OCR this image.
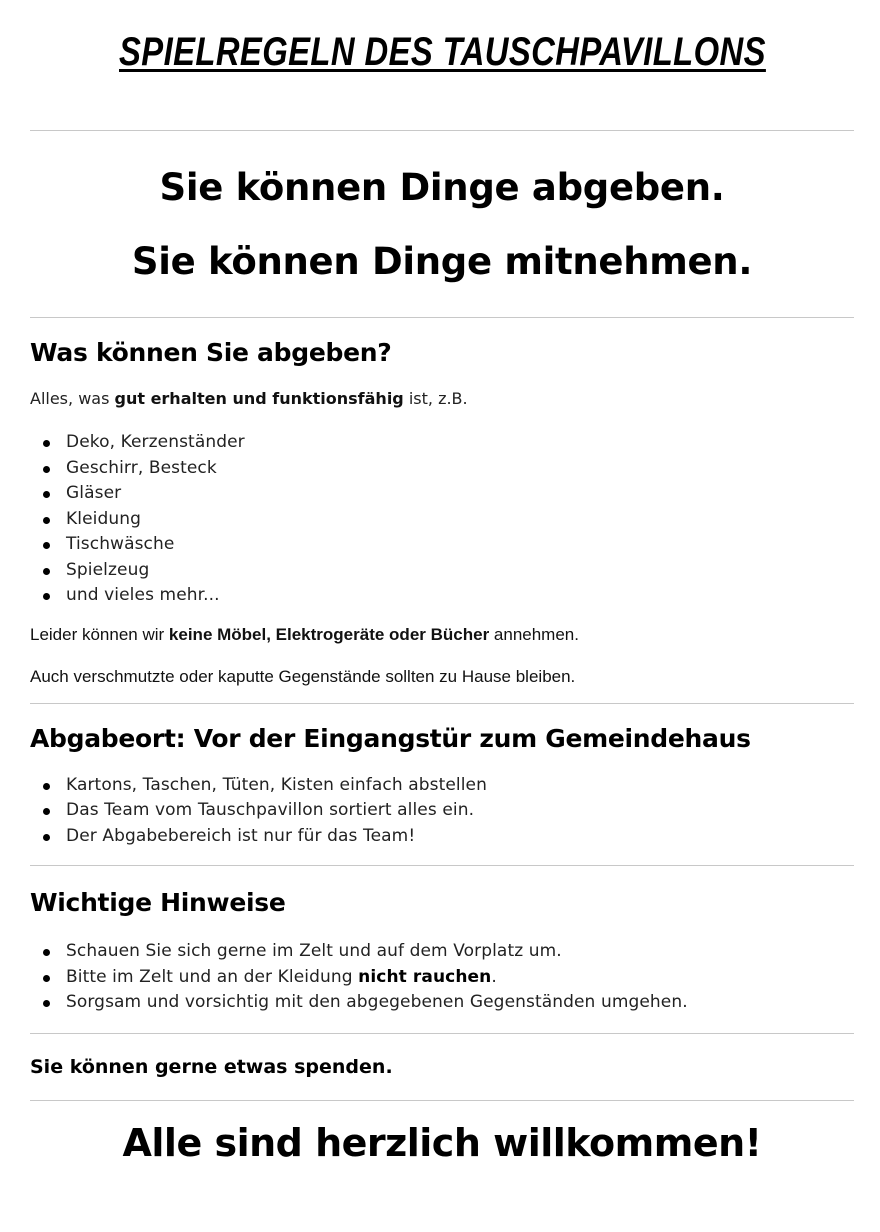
SPIELREGELN DES TAUSCHPAVILLONS

Sie können Dinge abgeben.

Sie können Dinge mitnehmen.

Was können Sie abgeben?

Alles, was gut erhalten und funktionsfähig ist, z.B.

Deko, Kerzenständer
Geschirr, Besteck
Gläser
Kleidung
Tischwäsche
Spielzeug
und vieles mehr...

Leider können wir keine Möbel, Elektrogeräte oder Bücher annehmen.

Auch verschmutzte oder kaputte Gegenstände sollten zu Hause bleiben.

Abgabeort: Vor der Eingangstür zum Gemeindehaus
Kartons, Taschen, Tüten, Kisten einfach abstellen
Das Team vom Tauschpavillon sortiert alles ein.
Der Abgabebereich ist nur für das Team!
Wichtige Hinweise
Schauen Sie sich gerne im Zelt und auf dem Vorplatz um.
Bitte im Zelt und an der Kleidung nicht rauchen.
Sorgsam und vorsichtig mit den abgegebenen Gegenständen umgehen.

Sie können gerne etwas spenden.

Alle sind herzlich willkommen!
